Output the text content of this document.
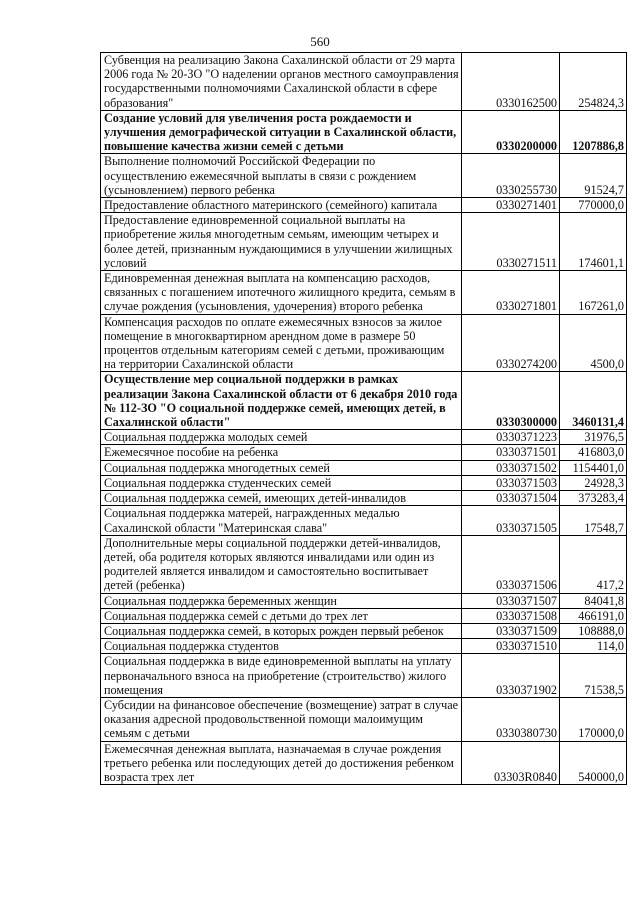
560
Субвенция на реализацию Закона Сахалинской области от 29 марта 2006 года № 20-ЗО "О наделении органов местного самоуправления государственными полномочиями Сахалинской области в сфере образования"	0330162500	254824,3
Создание условий для увеличения роста рождаемости и улучшения демографической ситуации в Сахалинской области, повышение качества жизни семей с детьми	0330200000	1207886,8
Выполнение полномочий Российской Федерации по осуществлению ежемесячной выплаты в связи с рождением (усыновлением) первого ребенка	0330255730	91524,7
Предоставление областного материнского (семейного) капитала	0330271401	770000,0
Предоставление единовременной социальной выплаты на приобретение жилья многодетным семьям, имеющим четырех и более детей, признанным нуждающимися в улучшении жилищных условий	0330271511	174601,1
Единовременная денежная выплата на компенсацию расходов, связанных с погашением ипотечного жилищного кредита, семьям в случае рождения (усыновления, удочерения) второго ребенка	0330271801	167261,0
Компенсация расходов по оплате ежемесячных взносов за жилое помещение в многоквартирном арендном доме в размере 50 процентов отдельным категориям семей с детьми, проживающим на территории Сахалинской области	0330274200	4500,0
Осуществление мер социальной поддержки в рамках реализации Закона Сахалинской области от 6 декабря 2010 года № 112-ЗО "О социальной поддержке семей, имеющих детей, в Сахалинской области"	0330300000	3460131,4
Социальная поддержка молодых семей	0330371223	31976,5
Ежемесячное пособие на ребенка	0330371501	416803,0
Социальная поддержка многодетных семей	0330371502	1154401,0
Социальная поддержка студенческих семей	0330371503	24928,3
Социальная поддержка семей, имеющих детей-инвалидов	0330371504	373283,4
Социальная поддержка матерей, награжденных медалью Сахалинской области "Материнская слава"	0330371505	17548,7
Дополнительные меры социальной поддержки детей-инвалидов, детей, оба родителя которых являются инвалидами или один из родителей является инвалидом и самостоятельно воспитывает детей (ребенка)	0330371506	417,2
Социальная поддержка беременных женщин	0330371507	84041,8
Социальная поддержка семей с детьми до трех лет	0330371508	466191,0
Социальная поддержка семей, в которых рожден первый ребенок	0330371509	108888,0
Социальная поддержка студентов	0330371510	114,0
Социальная поддержка в виде единовременной выплаты на уплату первоначального взноса на приобретение (строительство) жилого помещения	0330371902	71538,5
Субсидии на финансовое обеспечение (возмещение) затрат в случае оказания адресной продовольственной помощи малоимущим семьям с детьми	0330380730	170000,0
Ежемесячная денежная выплата, назначаемая в случае рождения третьего ребенка или последующих детей до достижения ребенком возраста трех лет	03303R0840	540000,0
